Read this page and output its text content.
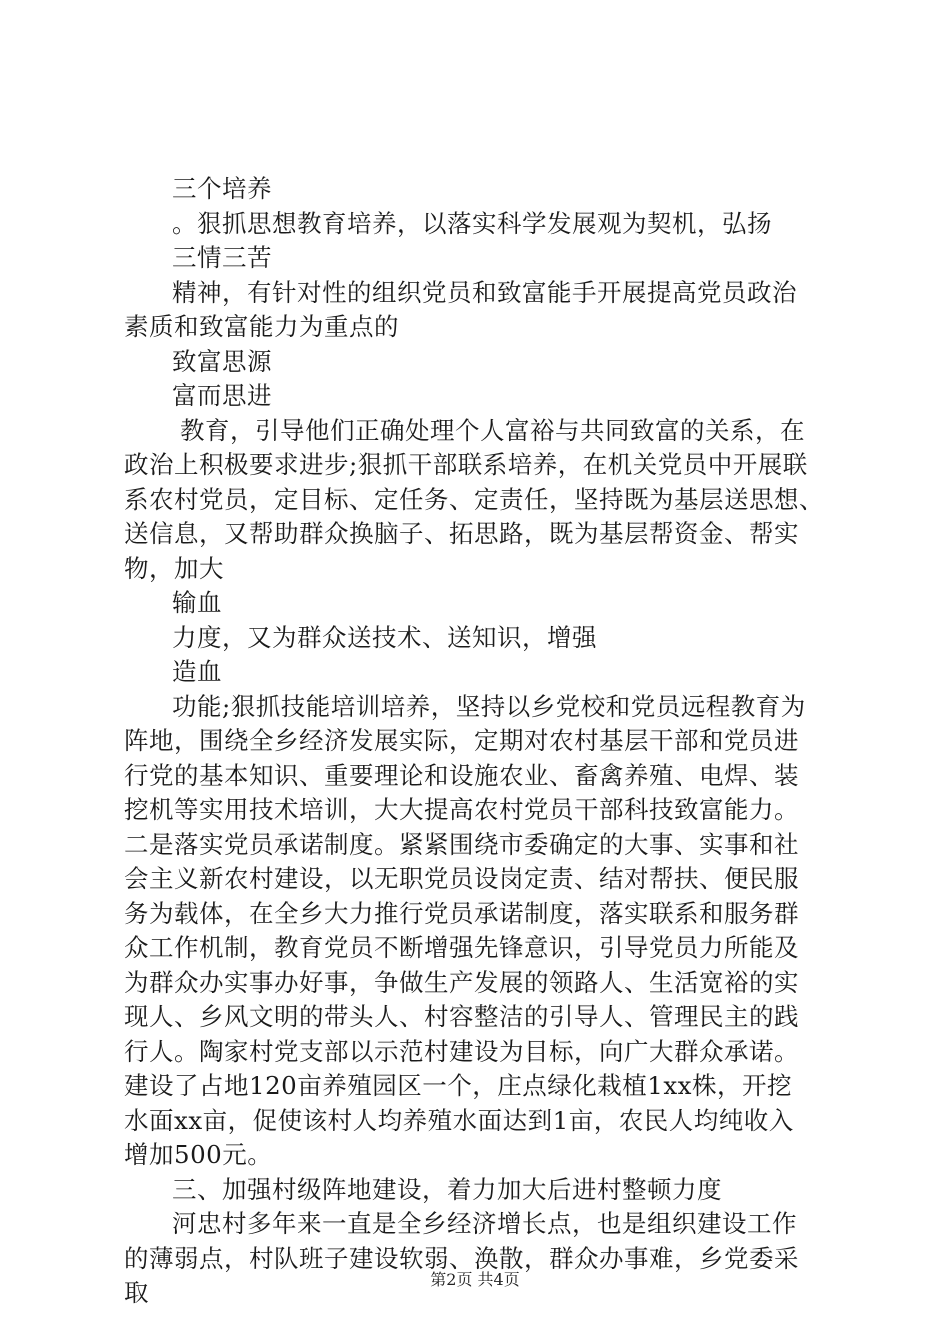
三个培养
。狠抓思想教育培养，以落实科学发展观为契机，弘扬
三情三苦
精神，有针对性的组织党员和致富能手开展提高党员政治
素质和致富能力为重点的
致富思源
富而思进
教育，引导他们正确处理个人富裕与共同致富的关系，在
政治上积极要求进步;狠抓干部联系培养，在机关党员中开展联
系农村党员，定目标、定任务、定责任，坚持既为基层送思想、
送信息，又帮助群众换脑子、拓思路，既为基层帮资金、帮实
物，加大
输血
力度，又为群众送技术、送知识，增强
造血
功能;狠抓技能培训培养，坚持以乡党校和党员远程教育为
阵地，围绕全乡经济发展实际，定期对农村基层干部和党员进
行党的基本知识、重要理论和设施农业、畜禽养殖、电焊、装
挖机等实用技术培训，大大提高农村党员干部科技致富能力。
二是落实党员承诺制度。紧紧围绕市委确定的大事、实事和社
会主义新农村建设，以无职党员设岗定责、结对帮扶、便民服
务为载体，在全乡大力推行党员承诺制度，落实联系和服务群
众工作机制，教育党员不断增强先锋意识，引导党员力所能及
为群众办实事办好事，争做生产发展的领路人、生活宽裕的实
现人、乡风文明的带头人、村容整洁的引导人、管理民主的践
行人。陶家村党支部以示范村建设为目标，向广大群众承诺。
建设了占地120亩养殖园区一个，庄点绿化栽植1xx株，开挖
水面xx亩，促使该村人均养殖水面达到1亩，农民人均纯收入
增加500元。
三、加强村级阵地建设，着力加大后进村整顿力度
河忠村多年来一直是全乡经济增长点，也是组织建设工作
的薄弱点，村队班子建设软弱、涣散，群众办事难，乡党委采
取	第2页 共4页
